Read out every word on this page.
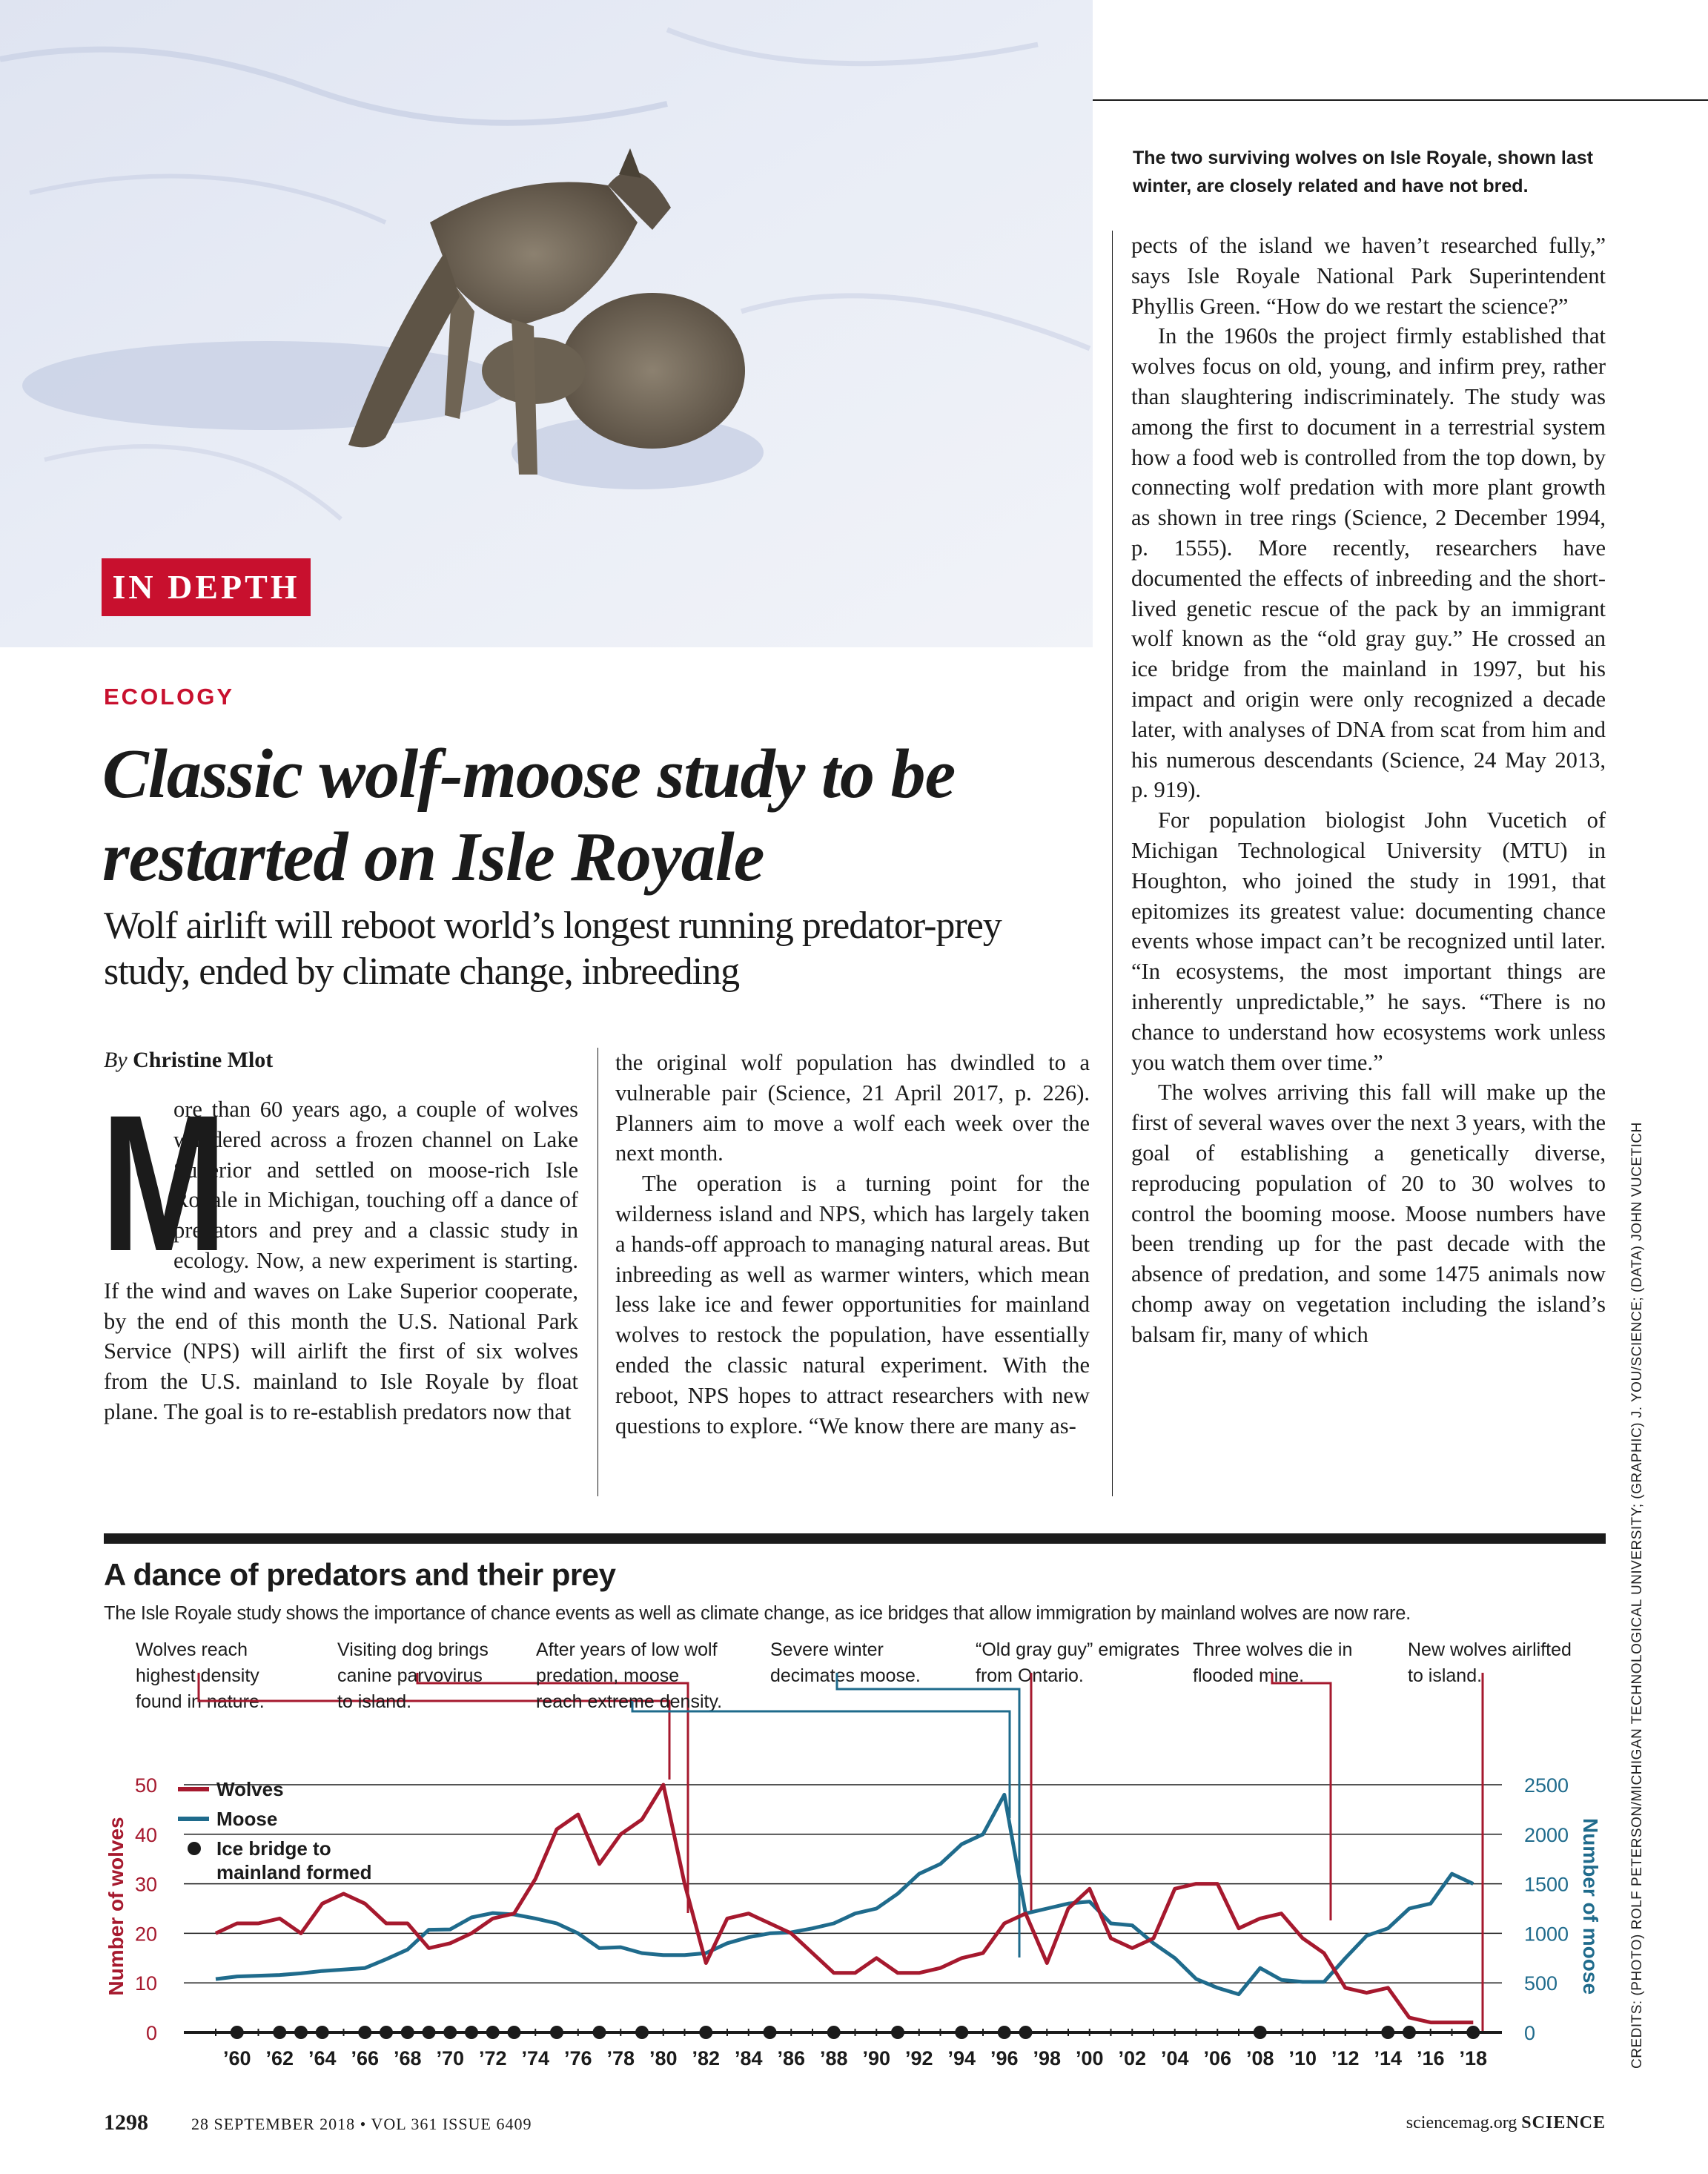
IN DEPTH
The two surviving wolves on Isle Royale, shown last winter, are closely related and have not bred.
ECOLOGY
Classic wolf-moose study to be restarted on Isle Royale
Wolf airlift will reboot world’s longest running predator-prey study, ended by climate change, inbreeding
By Christine Mlot
M

ore than 60 years ago, a couple of wolves wandered across a frozen channel on Lake Superior and settled on moose-rich Isle Royale in Michigan, touching off a dance of predators and prey and a classic study in ecology. Now, a new experiment is starting. If the wind and waves on Lake Superior cooperate, by the end of this month the U.S. National Park Service (NPS) will airlift the first of six wolves from the U.S. mainland to Isle Royale by float plane. The goal is to re-establish predators now that

the original wolf population has dwindled to a vulnerable pair (Science, 21 April 2017, p. 226). Planners aim to move a wolf each week over the next month.

The operation is a turning point for the wilderness island and NPS, which has largely taken a hands-off approach to managing natural areas. But inbreeding as well as warmer winters, which mean less lake ice and fewer opportunities for mainland wolves to restock the population, have essentially ended the classic natural experiment. With the reboot, NPS hopes to attract researchers with new questions to explore. “We know there are many as-

pects of the island we haven’t researched fully,” says Isle Royale National Park Superintendent Phyllis Green. “How do we restart the science?”

In the 1960s the project firmly established that wolves focus on old, young, and infirm prey, rather than slaughtering indiscriminately. The study was among the first to document in a terrestrial system how a food web is controlled from the top down, by connecting wolf predation with more plant growth as shown in tree rings (Science, 2 December 1994, p. 1555). More recently, researchers have documented the effects of inbreeding and the short-lived genetic rescue of the pack by an immigrant wolf known as the “old gray guy.” He crossed an ice bridge from the mainland in 1997, but his impact and origin were only recognized a decade later, with analyses of DNA from scat from him and his numerous descendants (Science, 24 May 2013, p. 919).

For population biologist John Vucetich of Michigan Technological University (MTU) in Houghton, who joined the study in 1991, that epitomizes its greatest value: documenting chance events whose impact can’t be recognized until later. “In ecosystems, the most important things are inherently unpredictable,” he says. “There is no chance to understand how ecosystems work unless you watch them over time.”

The wolves arriving this fall will make up the first of several waves over the next 3 years, with the goal of establishing a genetically diverse, reproducing population of 20 to 30 wolves to control the booming moose. Moose numbers have been trending up for the past decade with the absence of predation, and some 1475 animals now chomp away on vegetation including the island’s balsam fir, many of which	CREDITS: (PHOTO) ROLF PETERSON/MICHIGAN TECHNOLOGICAL UNIVERSITY; (GRAPHIC) J. YOU/SCIENCE; (DATA) JOHN VUCETICH
A dance of predators and their prey
The Isle Royale study shows the importance of chance events as well as climate change, as ice bridges that allow immigration by mainland wolves are now rare.
Wolves reach highest density found in nature.
Visiting dog brings canine parvovirus to island.
After years of low wolf predation, moose reach extreme density.
Severe winter decimates moose.
“Old gray guy” emigrates from Ontario.
Three wolves die in flooded mine.
New wolves airlifted to island.
0
10
20
30
40
50
0
500
1000
1500
2000
2500
Number of wolves	Number of moose
’60 ’62 ’64 ’66 ’68 ’70 ’72 ’74 ’76 ’78 ’80 ’82 ’84 ’86 ’88 ’90 ’92 ’94 ’96 ’98 ’00 ’02 ’04 ’06 ’08 ’10 ’12 ’14 ’16 ’18
Wolves
Moose
Ice bridge to mainland formed
1298	28 SEPTEMBER 2018 • VOL 361 ISSUE 6409	sciencemag.org SCIENCE
